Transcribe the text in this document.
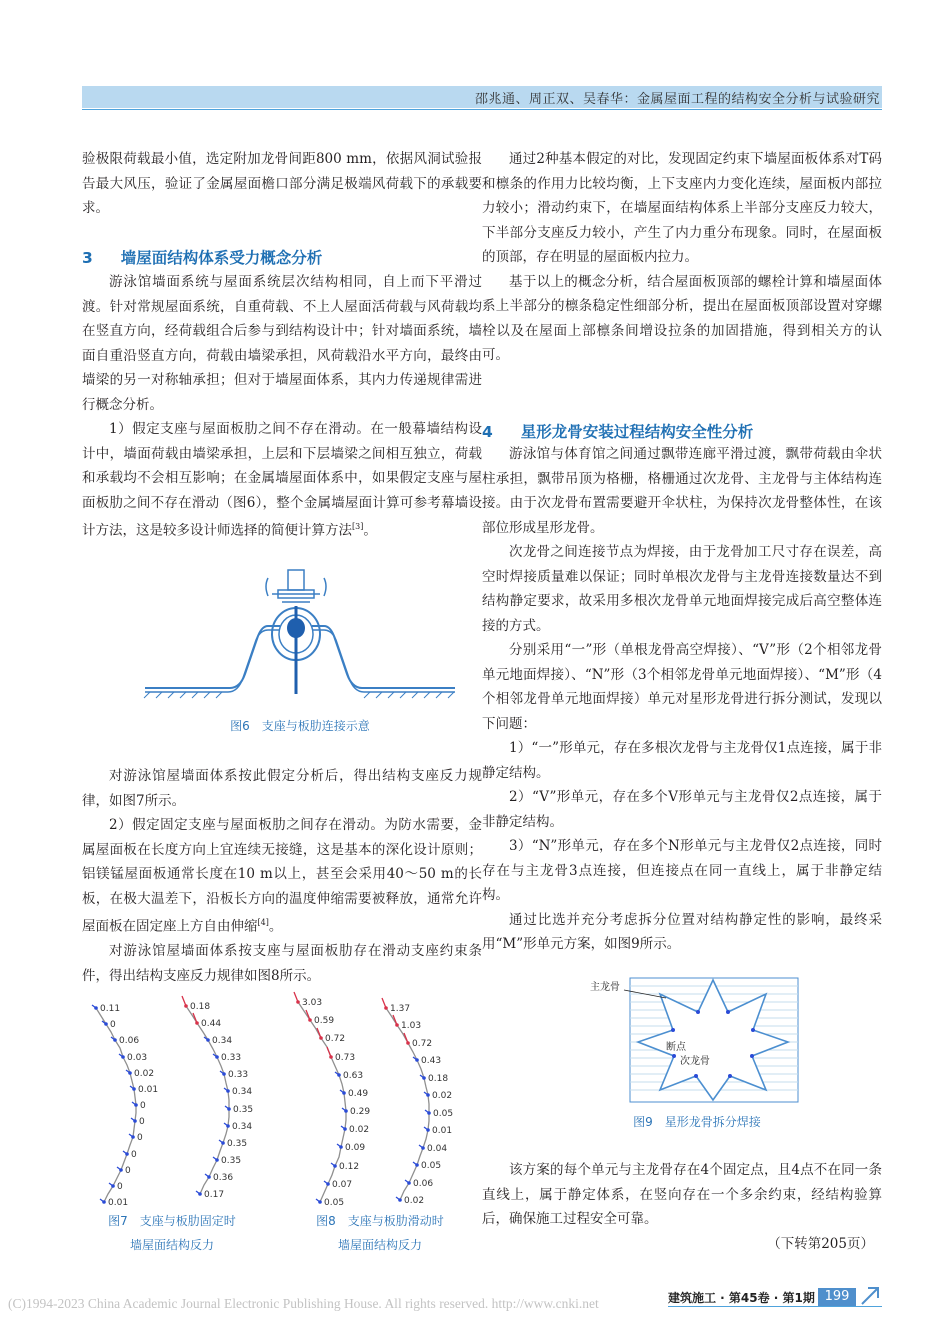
邵兆通、周正双、吴春华：金属屋面工程的结构安全分析与试验研究

验极限荷载最小值，选定附加龙骨间距800 mm，依据风洞试验报告最大风压，验证了金属屋面檐口部分满足极端风荷载下的承载要求。

3 墙屋面结构体系受力概念分析

游泳馆墙面系统与屋面系统层次结构相同，自上而下平滑过渡。针对常规屋面系统，自重荷载、不上人屋面活荷载与风荷载均在竖直方向，经荷载组合后参与到结构设计中；针对墙面系统，墙面自重沿竖直方向，荷载由墙梁承担，风荷载沿水平方向，最终由墙梁的另一对称轴承担；但对于墙屋面体系，其内力传递规律需进行概念分析。

1）假定支座与屋面板肋之间不存在滑动。在一般幕墙结构设计中，墙面荷载由墙梁承担，上层和下层墙梁之间相互独立，荷载和承载均不会相互影响；在金属墙屋面体系中，如果假定支座与屋面板肋之间不存在滑动（图6），整个金属墙屋面计算可参考幕墙设计方法，这是较多设计师选择的简便计算方法[3]。

图6　支座与板肋连接示意

对游泳馆屋墙面体系按此假定分析后，得出结构支座反力规律，如图7所示。

2）假定固定支座与屋面板肋之间存在滑动。为防水需要，金属屋面板在长度方向上宜连续无接缝，这是基本的深化设计原则；铝镁锰屋面板通常长度在10 m以上，甚至会采用40～50 m的长板，在极大温差下，沿板长方向的温度伸缩需要被释放，通常允许屋面板在固定座上方自由伸缩[4]。

对游泳馆屋墙面体系按支座与屋面板肋存在滑动支座约束条件，得出结构支座反力规律如图8所示。

0.11
0
0.06
0.03
0.02
0.01
0
0
0
0
0
0
0.01
0.18
0.44
0.34
0.33
0.33
0.34
0.35
0.34
0.35
0.35
0.36
0.17
3.03
0.59
0.72
0.73
0.63
0.49
0.29
0.02
0.09
0.12
0.07
0.05
1.37
1.03
0.72
0.43
0.18
0.02
0.05
0.01
0.04
0.05
0.06
0.02
图7　支座与板肋固定时
墙屋面结构反力
图8　支座与板肋滑动时
墙屋面结构反力

通过2种基本假定的对比，发现固定约束下墙屋面板体系对T码和檩条的作用力比较均衡，上下支座内力变化连续，屋面板内部拉力较小；滑动约束下，在墙屋面结构体系上半部分支座反力较大，下半部分支座反力较小，产生了内力重分布现象。同时，在屋面板的顶部，存在明显的屋面板内拉力。

基于以上的概念分析，结合屋面板顶部的螺栓计算和墙屋面体系上半部分的檩条稳定性细部分析，提出在屋面板顶部设置对穿螺栓以及在屋面上部檩条间增设拉条的加固措施，得到相关方的认可。

4 星形龙骨安装过程结构安全性分析

游泳馆与体育馆之间通过飘带连廊平滑过渡，飘带荷载由伞状柱承担，飘带吊顶为格栅，格栅通过次龙骨、主龙骨与主体结构连接。由于次龙骨布置需要避开伞状柱，为保持次龙骨整体性，在该部位形成星形龙骨。

次龙骨之间连接节点为焊接，由于龙骨加工尺寸存在误差，高空时焊接质量难以保证；同时单根次龙骨与主龙骨连接数量达不到结构静定要求，故采用多根次龙骨单元地面焊接完成后高空整体连接的方式。

分别采用“一”形（单根龙骨高空焊接）、“V”形（2个相邻龙骨单元地面焊接）、“N”形（3个相邻龙骨单元地面焊接）、“M”形（4个相邻龙骨单元地面焊接）单元对星形龙骨进行拆分测试，发现以下问题：

1）“一”形单元，存在多根次龙骨与主龙骨仅1点连接，属于非静定结构。

2）“V”形单元，存在多个V形单元与主龙骨仅2点连接，属于非静定结构。

3）“N”形单元，存在多个N形单元与主龙骨仅2点连接，同时存在与主龙骨3点连接，但连接点在同一直线上，属于非静定结构。

通过比选并充分考虑拆分位置对结构静定性的影响，最终采用“M”形单元方案，如图9所示。

主龙骨
断点
次龙骨
图9　星形龙骨拆分焊接

该方案的每个单元与主龙骨存在4个固定点，且4点不在同一条直线上，属于静定体系，在竖向存在一个多余约束，经结构验算后，确保施工过程安全可靠。

（下转第205页）

建筑施工 · 第45卷 · 第1期 199
(C)1994-2023 China Academic Journal Electronic Publishing House. All rights reserved. http://www.cnki.net
